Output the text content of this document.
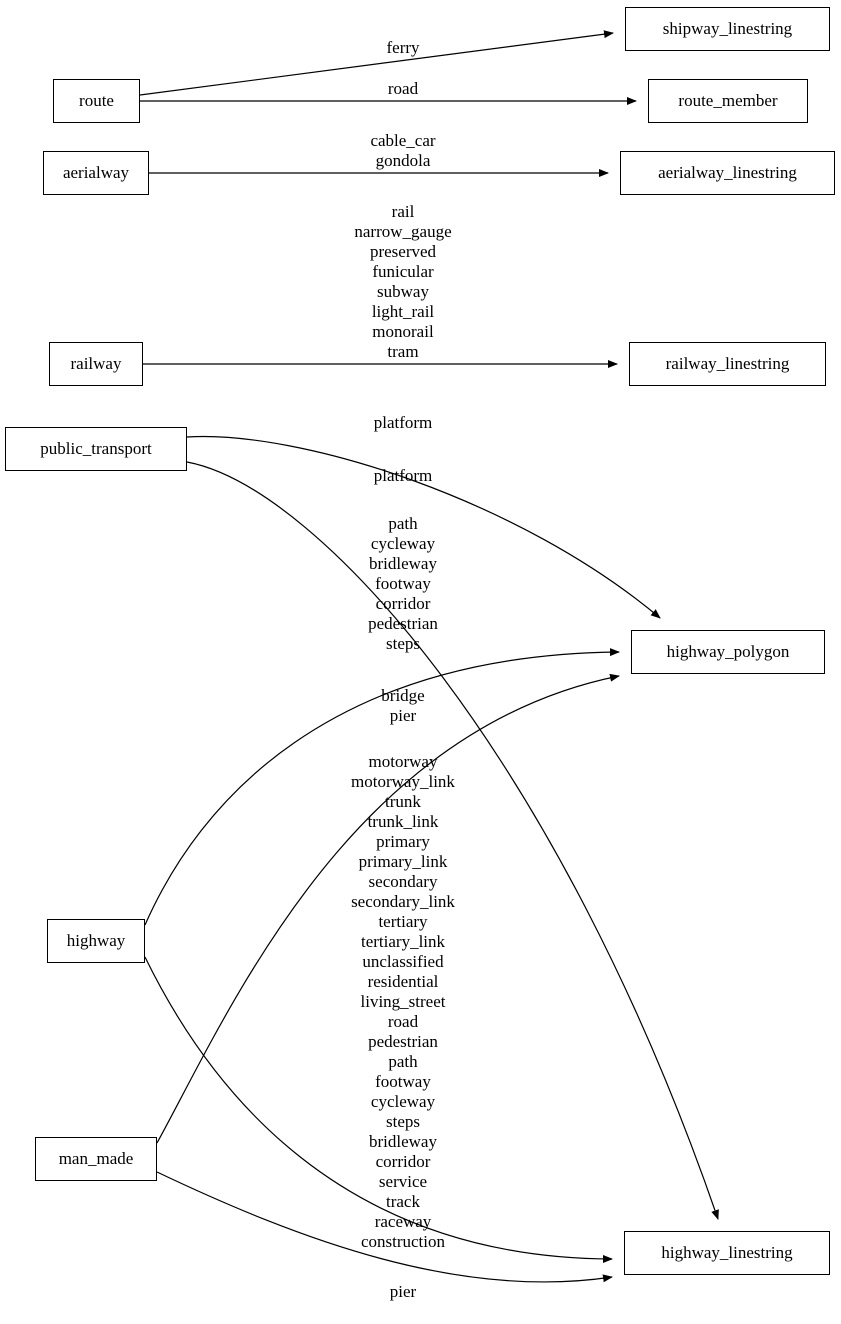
ferry
road
cable_car
gondola
rail
narrow_gauge
preserved
funicular
subway
light_rail
monorail
tram
platform
platform
path
cycleway
bridleway
footway
corridor
pedestrian
steps
bridge
pier
motorway
motorway_link
trunk
trunk_link
primary
primary_link
secondary
secondary_link
tertiary
tertiary_link
unclassified
residential
living_street
road
pedestrian
path
footway
cycleway
steps
bridleway
corridor
service
track
raceway
construction
pier
route
shipway_linestring
route_member
aerialway	aerialway_linestring
railway	railway_linestring
public_transport
highway_polygon
highway
man_made
highway_linestring
